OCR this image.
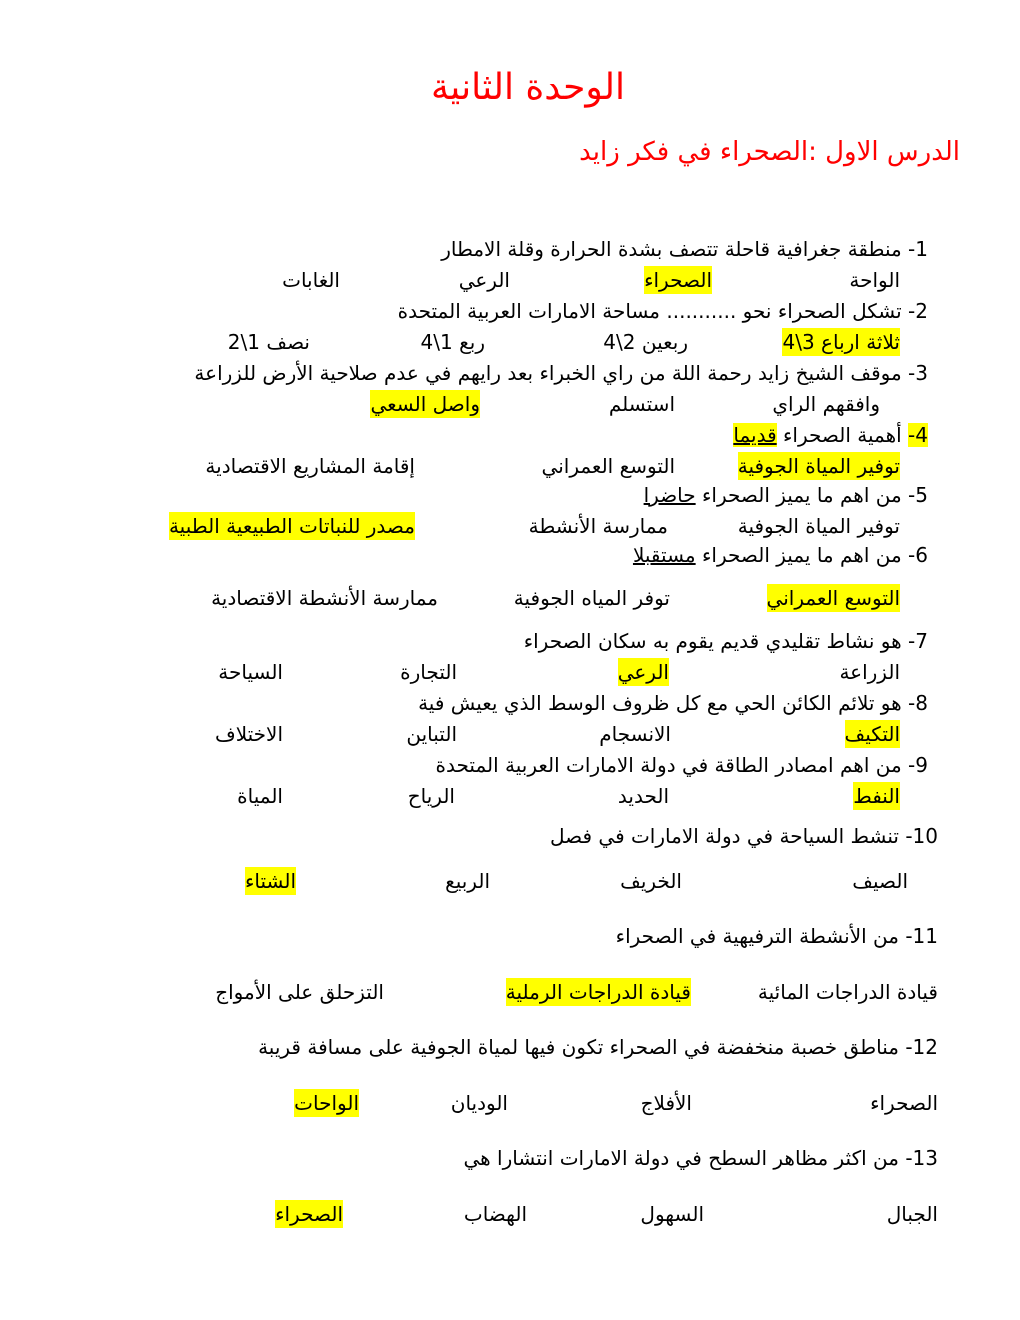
الوحدة الثانية
الدرس الاول :الصحراء في فكر زايد
1- منطقة جغرافية قاحلة تتصف بشدة الحرارة وقلة الامطار
الواحة
الصحراء
الرعي
الغابات
2- تشكل الصحراء نحو ........... مساحة الامارات العربية المتحدة
ثلاثة ارباع 3\4
ربعين 2\4
ربع 1\4
نصف 1\2
3- موقف الشيخ زايد رحمة اللة من راي الخبراء بعد رايهم في عدم صلاحية الأرض للزراعة
وافقهم الراي
استسلم
واصل السعي
4- أهمية الصحراء قديما
توفير المياة الجوفية
التوسع العمراني
إقامة المشاريع الاقتصادية
5- من اهم ما يميز الصحراء حاضرا
توفير المياة الجوفية
ممارسة الأنشطة
مصدر للنباتات الطبيعية الطبية
6- من اهم ما يميز الصحراء مستقبلا
التوسع العمراني
توفر المياه الجوفية
ممارسة الأنشطة الاقتصادية
7- هو نشاط تقليدي قديم يقوم به سكان الصحراء
الزراعة
الرعي
التجارة
السياحة
8- هو تلائم الكائن الحي مع كل ظروف الوسط الذي يعيش فية
التكيف
الانسجام
التباين
الاختلاف
9- من اهم امصادر الطاقة في دولة الامارات العربية المتحدة
النفط
الحديد
الرياح
المياة
10- تنشط السياحة في دولة الامارات في فصل
الصيف
الخريف
الربيع
الشتاء
11- من الأنشطة الترفيهية في الصحراء
قيادة الدراجات المائية
قيادة الدراجات الرملية
التزحلق على الأمواج
12- مناطق خصبة منخفضة في الصحراء تكون فيها لمياة الجوفية على مسافة قريبة
الصحراء
الأفلاج
الوديان
الواحات
13- من اكثر مظاهر السطح في دولة الامارات انتشارا هي
الجبال
السهول
الهضاب
الصحراء
